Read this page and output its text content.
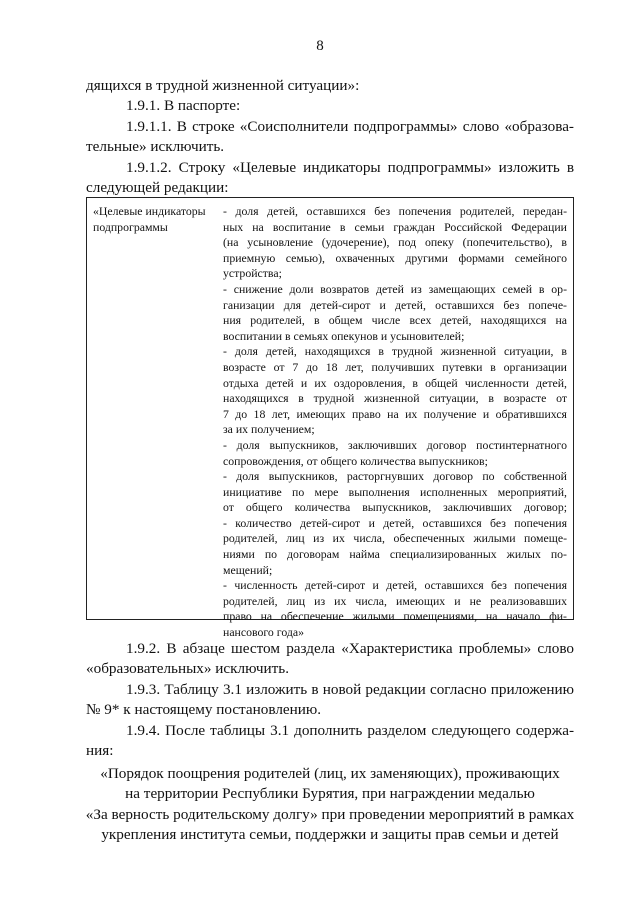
8
дящихся в трудной жизненной ситуации»:
1.9.1. В паспорте:
1.9.1.1. В строке «Соисполнители подпрограммы» слово «образова-
тельные» исключить.
1.9.1.2. Строку «Целевые индикаторы подпрограммы» изложить в
следующей редакции:
«Целевые индикаторы
подпрограммы
- доля детей, оставшихся без попечения родителей, передан-
ных на воспитание в семьи граждан Российской Федерации
(на усыновление (удочерение), под опеку (попечительство), в
приемную семью), охваченных другими формами семейного
устройства;
- снижение доли возвратов детей из замещающих семей в ор-
ганизации для детей-сирот и детей, оставшихся без попече-
ния родителей, в общем числе всех детей, находящихся на
воспитании в семьях опекунов и усыновителей;
- доля детей, находящихся в трудной жизненной ситуации, в
возрасте от 7 до 18 лет, получивших путевки в организации
отдыха детей и их оздоровления, в общей численности детей,
находящихся в трудной жизненной ситуации, в возрасте от
7 до 18 лет, имеющих право на их получение и обратившихся
за их получением;
- доля выпускников, заключивших договор постинтернатного
сопровождения, от общего количества выпускников;
- доля выпускников, расторгнувших договор по собственной
инициативе по мере выполнения исполненных мероприятий,
от общего количества выпускников, заключивших договор;
- количество детей-сирот и детей, оставшихся без попечения
родителей, лиц из их числа, обеспеченных жилыми помеще-
ниями по договорам найма специализированных жилых по-
мещений;
- численность детей-сирот и детей, оставшихся без попечения
родителей, лиц из их числа, имеющих и не реализовавших
право на обеспечение жилыми помещениями, на начало фи-
нансового года»
1.9.2. В абзаце шестом раздела «Характеристика проблемы» слово
«образовательных» исключить.
1.9.3. Таблицу 3.1 изложить в новой редакции согласно приложению
№ 9* к настоящему постановлению.
1.9.4. После таблицы 3.1 дополнить разделом следующего содержа-
ния:
«Порядок поощрения родителей (лиц, их заменяющих), проживающих
на территории Республики Бурятия, при награждении медалью
«За верность родительскому долгу» при проведении мероприятий в рамках
укрепления института семьи, поддержки и защиты прав семьи и детей
